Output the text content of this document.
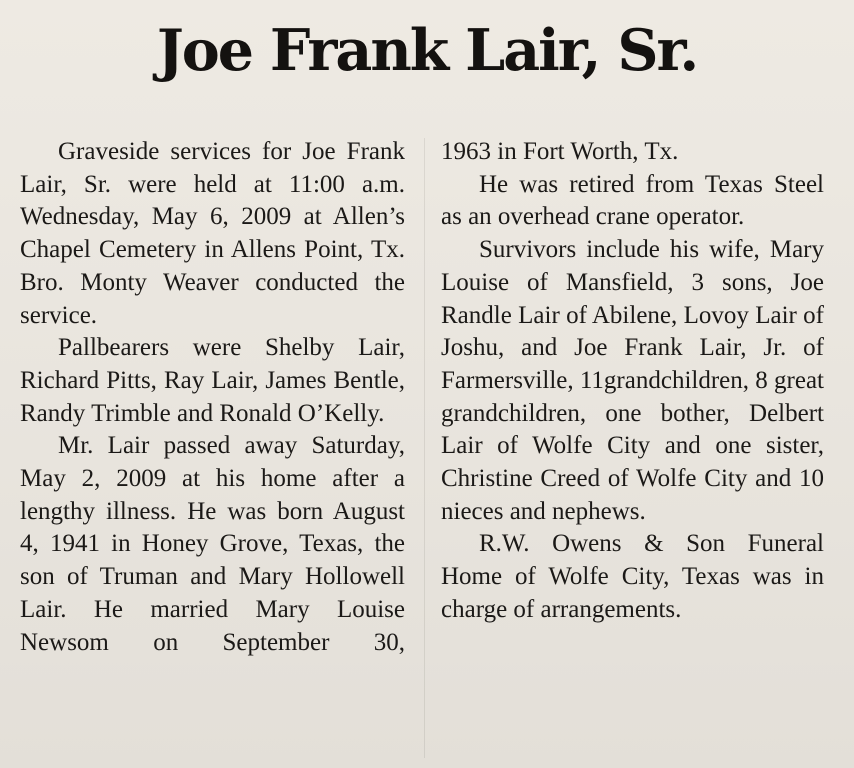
Joe Frank Lair, Sr.

Graveside services for Joe Frank Lair, Sr. were held at 11:00 a.m. Wednesday, May 6, 2009 at Allen’s Chapel Cemetery in Allens Point, Tx. Bro. Monty Weaver conducted the service.

Pallbearers were Shelby Lair, Richard Pitts, Ray Lair, James Bentle, Randy Trimble and Ronald O’Kelly.

Mr. Lair passed away Saturday, May 2, 2009 at his home after a lengthy illness. He was born August 4, 1941 in Honey Grove, Texas, the son of Truman and Mary Hollowell Lair. He married Mary Louise Newsom on September 30,

1963 in Fort Worth, Tx.

He was retired from Texas Steel as an overhead crane operator.

Survivors include his wife, Mary Louise of Mansfield, 3 sons, Joe Randle Lair of Abilene, Lovoy Lair of Joshu, and Joe Frank Lair, Jr. of Farmersville, 11grandchildren, 8 great grandchildren, one bother, Delbert Lair of Wolfe City and one sister, Christine Creed of Wolfe City and 10 nieces and nephews.

R.W. Owens & Son Funeral Home of Wolfe City, Texas was in charge of arrangements.
